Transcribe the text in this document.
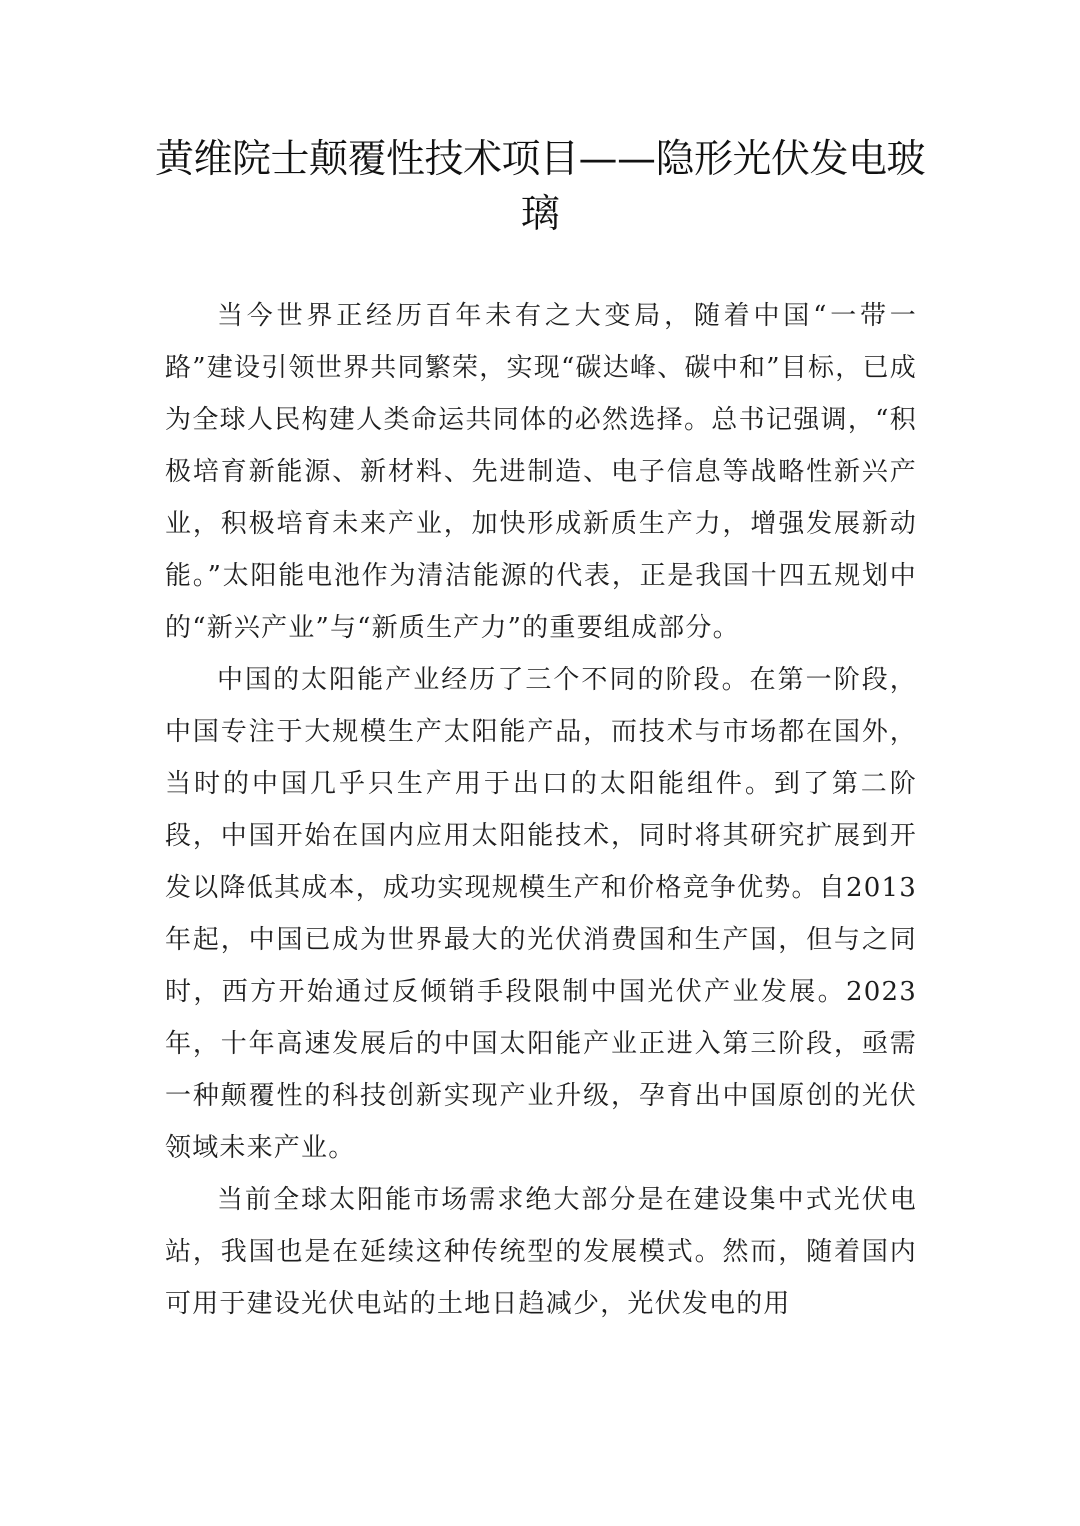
黄维院士颠覆性技术项目——隐形光伏发电玻璃

当今世界正经历百年未有之大变局，随着中国“一带一路”建设引领世界共同繁荣，实现“碳达峰、碳中和”目标，已成为全球人民构建人类命运共同体的必然选择。总书记强调，“积极培育新能源、新材料、先进制造、电子信息等战略性新兴产业，积极培育未来产业，加快形成新质生产力，增强发展新动能。”太阳能电池作为清洁能源的代表，正是我国十四五规划中的“新兴产业”与“新质生产力”的重要组成部分。

中国的太阳能产业经历了三个不同的阶段。在第一阶段，中国专注于大规模生产太阳能产品，而技术与市场都在国外，当时的中国几乎只生产用于出口的太阳能组件。到了第二阶段，中国开始在国内应用太阳能技术，同时将其研究扩展到开发以降低其成本，成功实现规模生产和价格竞争优势。自2013年起，中国已成为世界最大的光伏消费国和生产国，但与之同时，西方开始通过反倾销手段限制中国光伏产业发展。2023年，十年高速发展后的中国太阳能产业正进入第三阶段，亟需一种颠覆性的科技创新实现产业升级，孕育出中国原创的光伏领域未来产业。

当前全球太阳能市场需求绝大部分是在建设集中式光伏电站，我国也是在延续这种传统型的发展模式。然而，随着国内可用于建设光伏电站的土地日趋减少，光伏发电的用
